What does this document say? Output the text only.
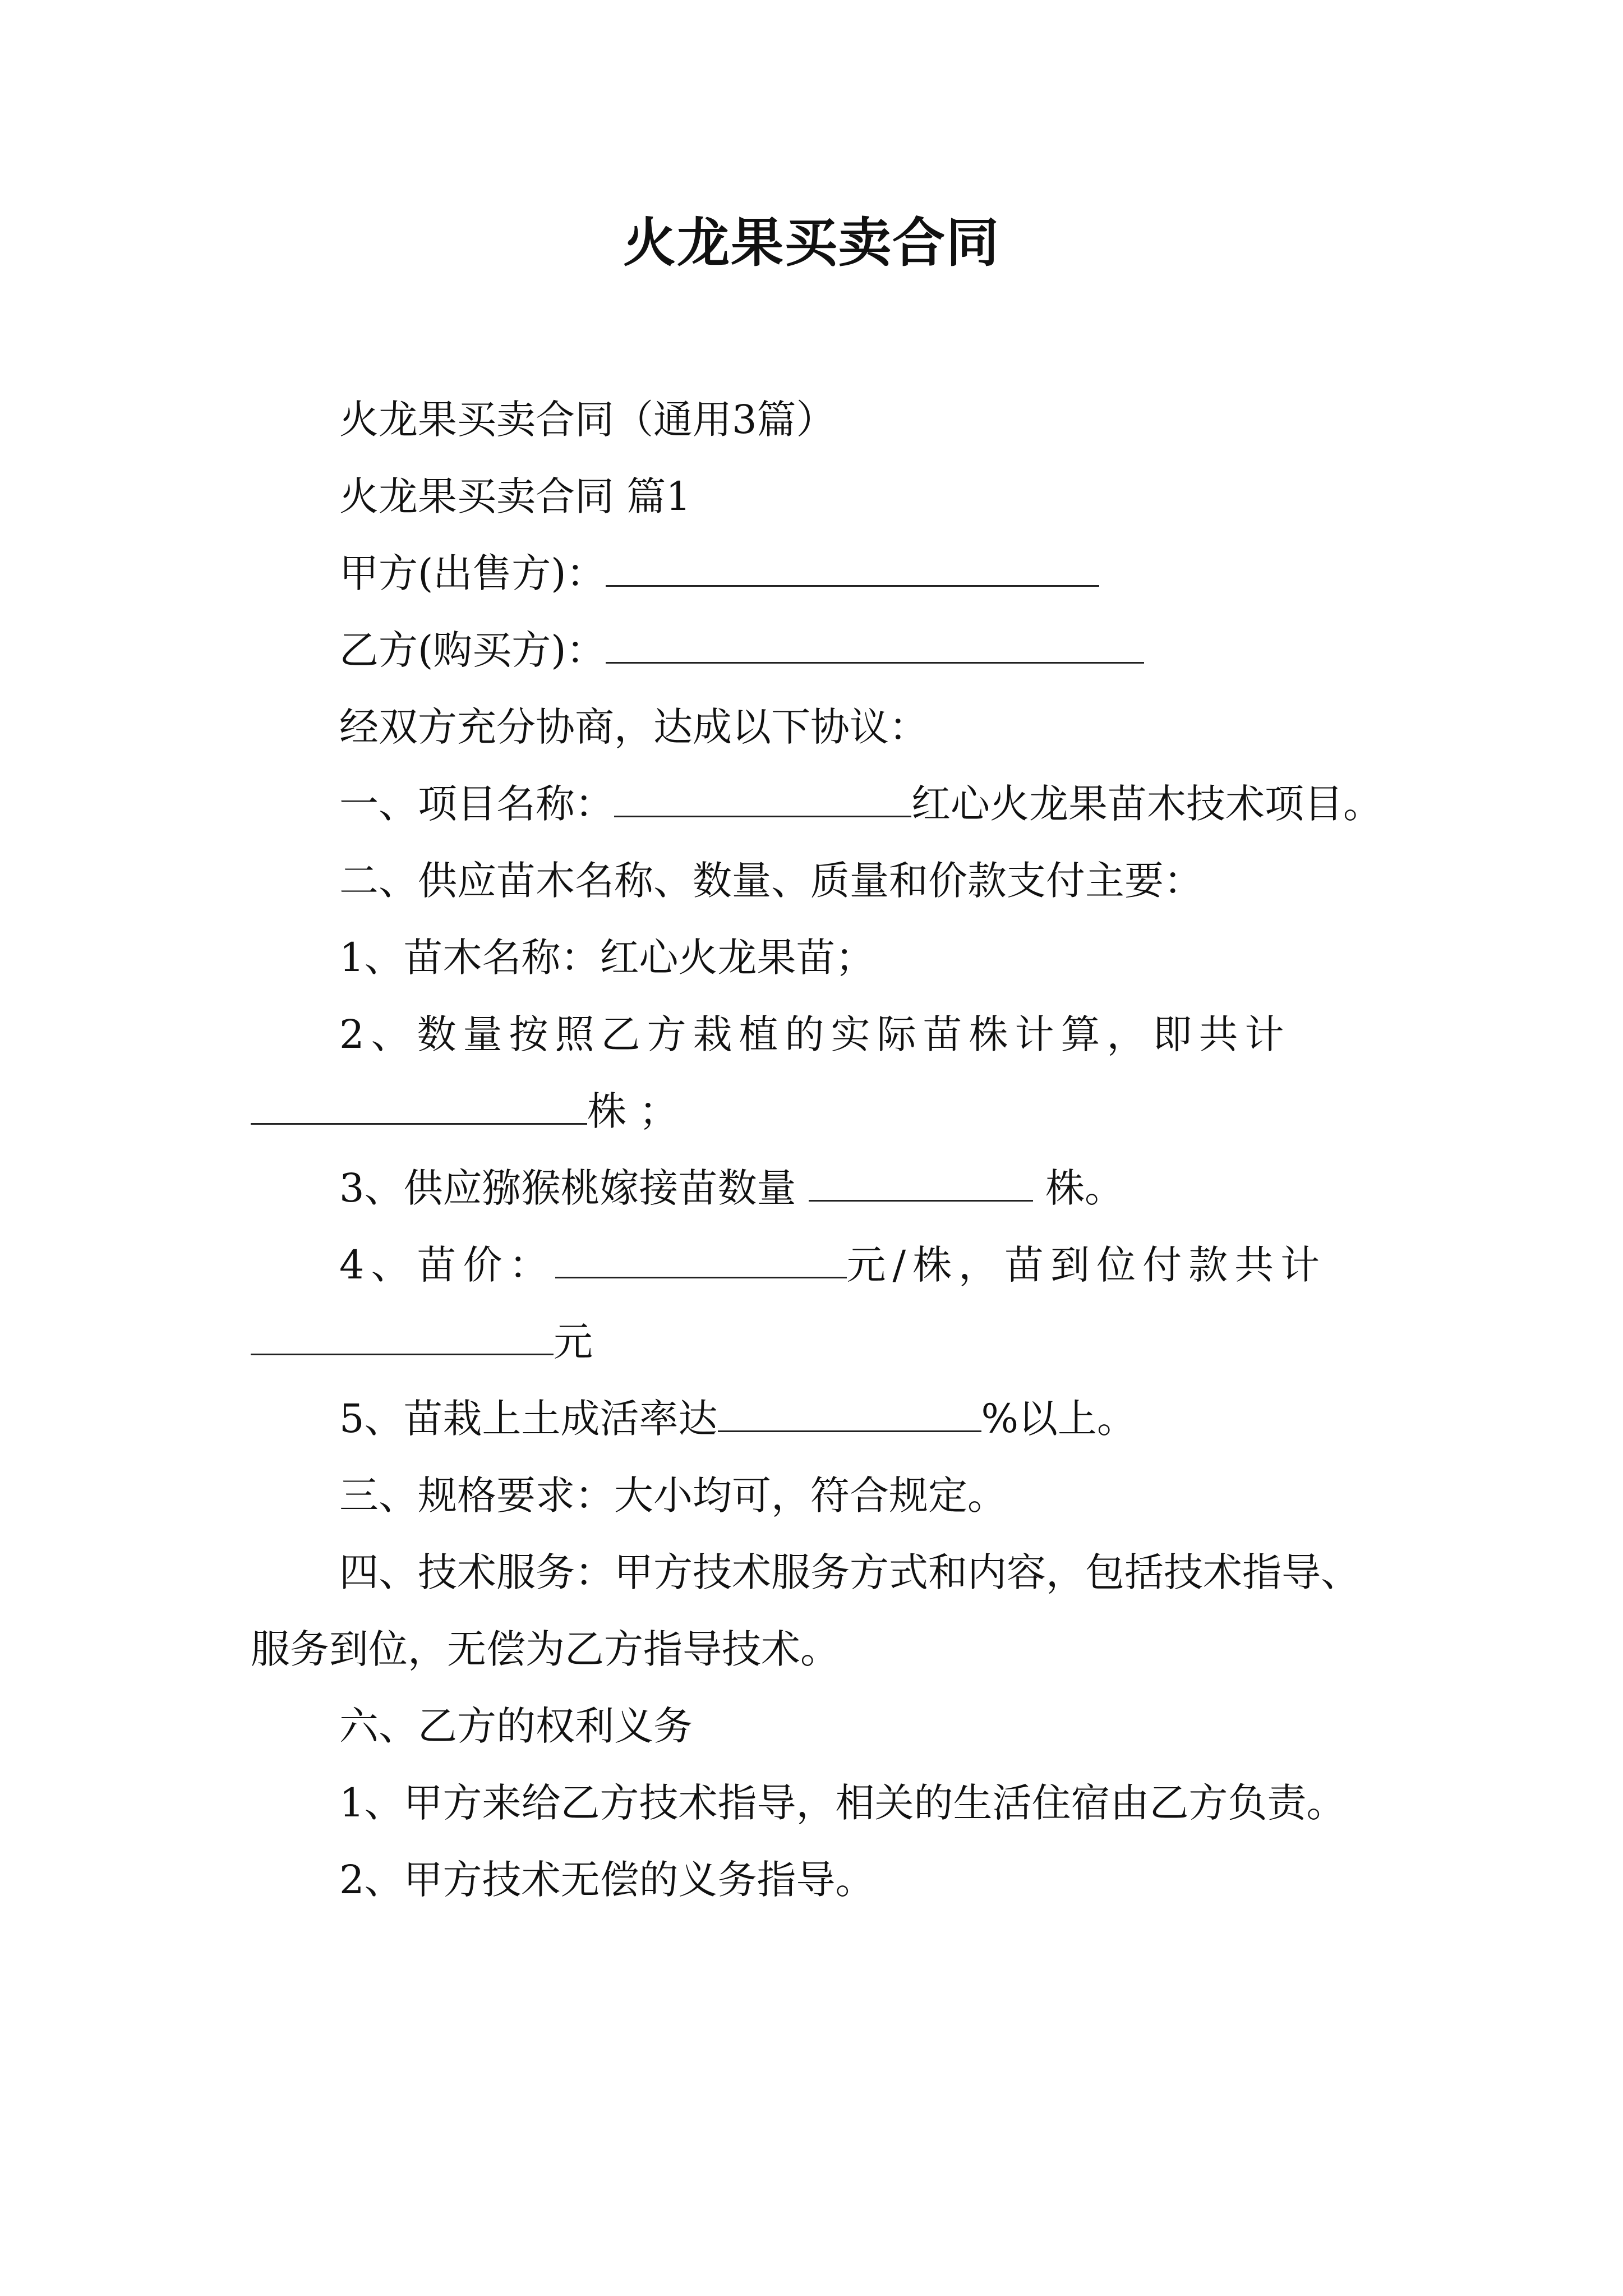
火龙果买卖合同

火龙果买卖合同（通用3篇）

火龙果买卖合同 篇1

甲方(出售方)：

乙方(购买方)：

经双方充分协商，达成以下协议：

一、项目名称：	红心火龙果苗木技术项目。

二、供应苗木名称、数量、质量和价款支付主要：

1、苗木名称：红心火龙果苗；

2、数量按照乙方栽植的实际苗株计算，即共计株 ；

3、供应猕猴桃嫁接苗数量	株。

4、苗价：	元/株，苗到位付款共计元

5、苗栽上土成活率达	%以上。

三、规格要求：大小均可，符合规定。

四、技术服务：甲方技术服务方式和内容，包括技术指导、服务到位，无偿为乙方指导技术。

六、乙方的权利义务

1、甲方来给乙方技术指导，相关的生活住宿由乙方负责。

2、甲方技术无偿的义务指导。
